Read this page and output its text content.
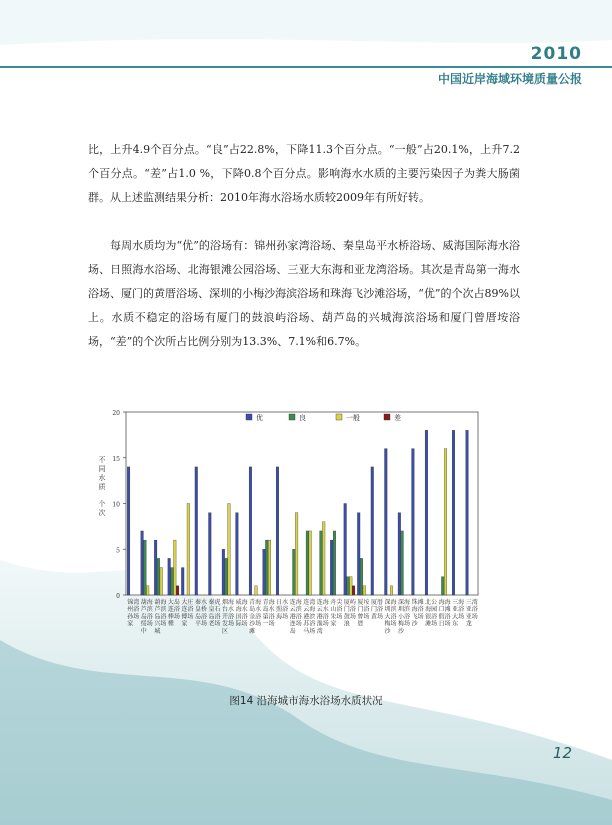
2010
中国近岸海域环境质量公报

比，上升4.9个百分点。“良”占22.8%，下降11.3个百分点。“一般”占20.1%，上升7.2个百分点。“差”占1.0 %，下降0.8个百分点。影响海水水质的主要污染因子为粪大肠菌群。从上述监测结果分析：2010年海水浴场水质较2009年有所好转。

每周水质均为“优”的浴场有：锦州孙家湾浴场、秦皇岛平水桥浴场、威海国际海水浴场、日照海水浴场、北海银滩公园浴场、三亚大东海和亚龙湾浴场。其次是青岛第一海水浴场、厦门的黄厝浴场、深圳的小梅沙海滨浴场和珠海飞沙滩浴场，“优”的个次占89%以上。水质不稳定的浴场有厦门的鼓浪屿浴场、葫芦岛的兴城海滨浴场和厦门曾厝垵浴场，“差”的个次所占比例分别为13.3%、7.1%和6.7%。

0
5
10
15
20
不
同
水
质
个
次
优	良	一般	差
锦
州
孙
家
湾
浴
场
葫
芦
岛
绥
中
海
滨
浴
场
葫
芦
岛
兴
城
海
滨
浴
场
大
连
棒
棰
岛
浴
场
大
连
傅
家
庄
浴
场
秦
皇
岛
平
水
桥
浴
场
秦
皇
岛
老
虎
石
浴
场
烟
台
开
发
区
海
水
浴
场
威
海
国
际
海
水
浴
场
青
岛
金
沙
滩
海
水
浴
场
青
岛
第
一
海
水
浴
场
日
照
海
水
浴
场
连
云
港
连
岛
海
滨
浴
场
连
云
港
苏
马
湾
海
滨
浴
场
连
云
港
渔
湾
海
水
浴
场
舟
山
朱
家
尖
浴
场
厦
门
鼓
浪
屿
浴
场
厦
门
曾
厝
垵
浴
场
厦
门
黄
厝
浴
场
深
圳
大
梅
沙
海
滨
浴
场
深
圳
小
梅
沙
海
滨
浴
场
珠
海
飞
沙
滩
浴
场
北
海
银
滩
公
园
浴
场
海
口
假
日
海
滩
浴
场
三
亚
大
东
海
浴
场
三
亚
亚
龙
湾
浴
场
图14 沿海城市海水浴场水质状况
12
